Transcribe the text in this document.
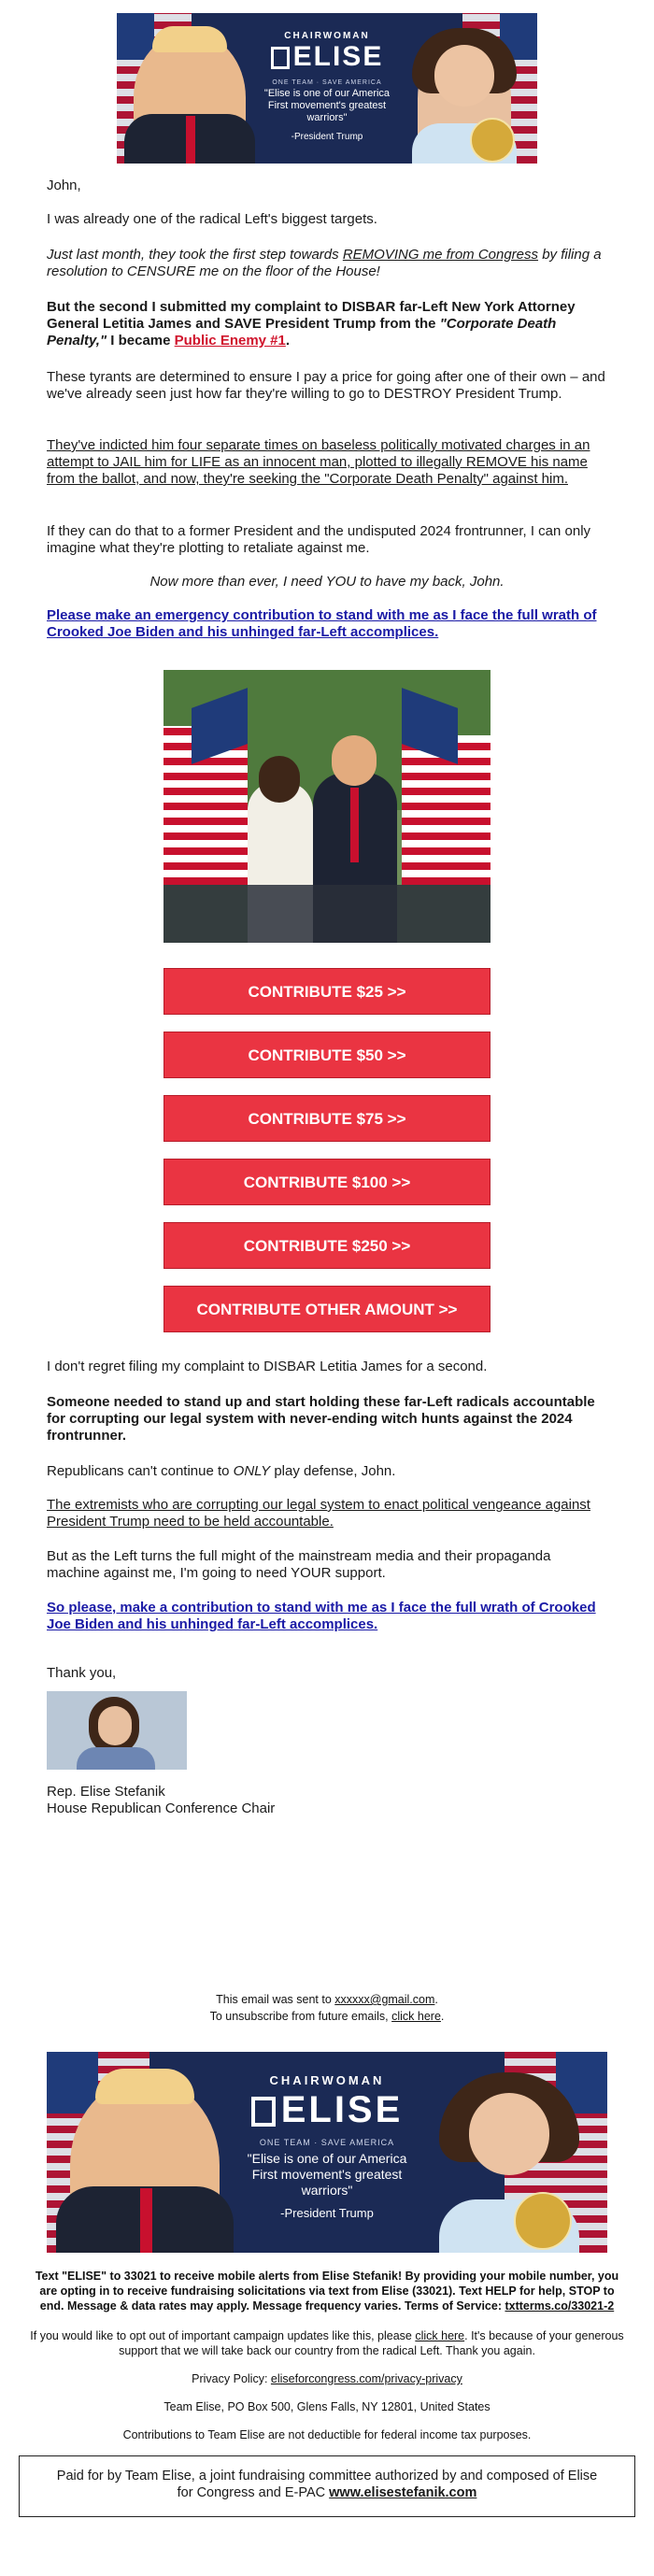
CHAIRWOMAN
ELISE
ONE TEAM · SAVE AMERICA
"Elise is one of our America First movement's greatest warriors"
-President Trump

John,

I was already one of the radical Left's biggest targets.

Just last month, they took the first step towards REMOVING me from Congress by filing a resolution to CENSURE me on the floor of the House!

But the second I submitted my complaint to DISBAR far-Left New York Attorney General Letitia James and SAVE President Trump from the "Corporate Death Penalty," I became Public Enemy #1.

These tyrants are determined to ensure I pay a price for going after one of their own – and we've already seen just how far they're willing to go to DESTROY President Trump.

They've indicted him four separate times on baseless politically motivated charges in an attempt to JAIL him for LIFE as an innocent man, plotted to illegally REMOVE his name from the ballot, and now, they're seeking the "Corporate Death Penalty" against him.

If they can do that to a former President and the undisputed 2024 frontrunner, I can only imagine what they're plotting to retaliate against me.

Now more than ever, I need YOU to have my back, John.

Please make an emergency contribution to stand with me as I face the full wrath of Crooked Joe Biden and his unhinged far-Left accomplices.
CONTRIBUTE $25 >>
CONTRIBUTE $50 >>
CONTRIBUTE $75 >>
CONTRIBUTE $100 >>
CONTRIBUTE $250 >>
CONTRIBUTE OTHER AMOUNT >>

I don't regret filing my complaint to DISBAR Letitia James for a second.

Someone needed to stand up and start holding these far-Left radicals accountable for corrupting our legal system with never-ending witch hunts against the 2024 frontrunner.

Republicans can't continue to ONLY play defense, John.

The extremists who are corrupting our legal system to enact political vengeance against President Trump need to be held accountable.

But as the Left turns the full might of the mainstream media and their propaganda machine against me, I'm going to need YOUR support.

So please, make a contribution to stand with me as I face the full wrath of Crooked Joe Biden and his unhinged far-Left accomplices.

Thank you,

Rep. Elise Stefanik

House Republican Conference Chair

This email was sent to xxxxxx@gmail.com.

To unsubscribe from future emails, click here.

CHAIRWOMAN
ELISE
ONE TEAM · SAVE AMERICA
"Elise is one of our America First movement's greatest warriors"
-President Trump

Text "ELISE" to 33021 to receive mobile alerts from Elise Stefanik! By providing your mobile number, you are opting in to receive fundraising solicitations via text from Elise (33021). Text HELP for help, STOP to end. Message & data rates may apply. Message frequency varies. Terms of Service: txtterms.co/33021-2

If you would like to opt out of important campaign updates like this, please click here. It's because of your generous support that we will take back our country from the radical Left. Thank you again.

Privacy Policy: eliseforcongress.com/privacy-privacy

Team Elise, PO Box 500, Glens Falls, NY 12801, United States

Contributions to Team Elise are not deductible for federal income tax purposes.

Paid for by Team Elise, a joint fundraising committee authorized by and composed of Elise for Congress and E-PAC www.elisestefanik.com
